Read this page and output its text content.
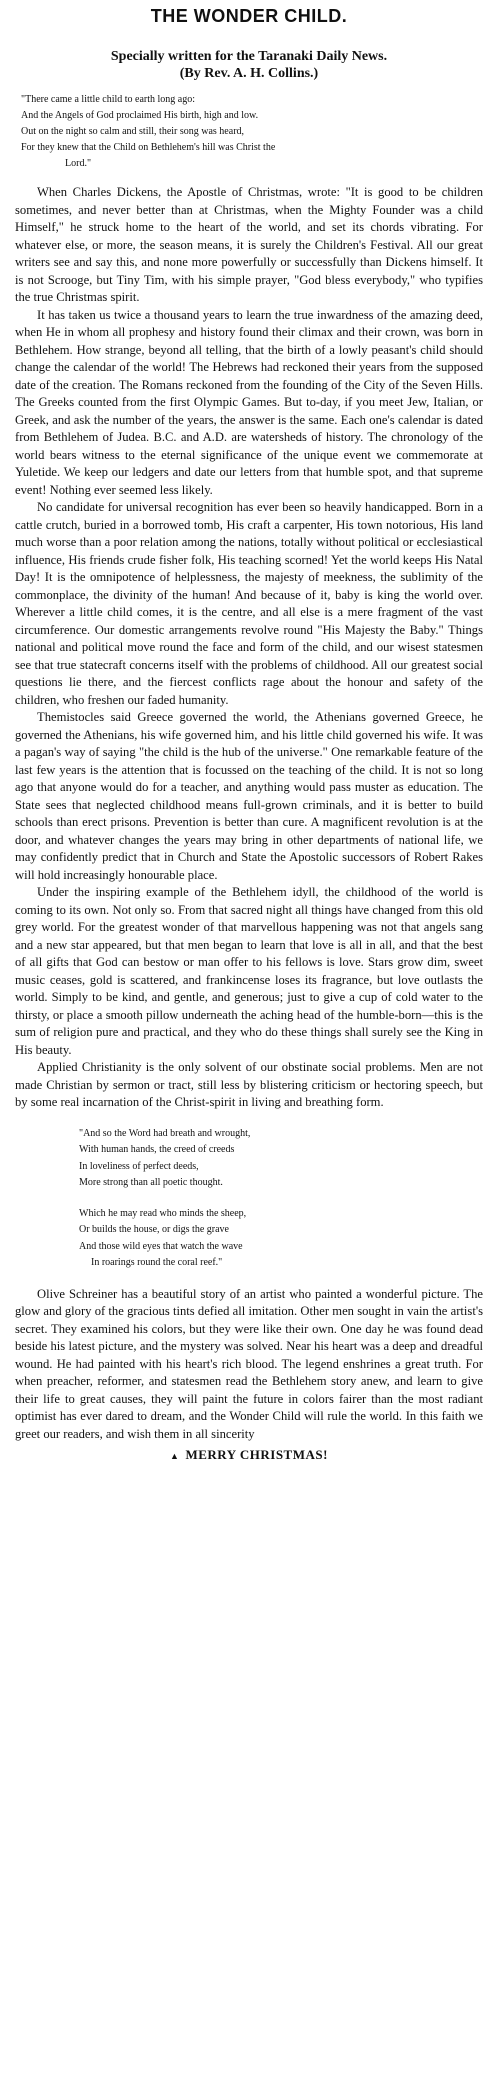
THE WONDER CHILD.

Specially written for the Taranaki Daily News.

(By Rev. A. H. Collins.)

"There came a little child to earth long ago:
And the Angels of God proclaimed His birth, high and low.
Out on the night so calm and still, their song was heard,
For they knew that the Child on Bethlehem's hill was Christ the
Lord."

When Charles Dickens, the Apostle of Christmas, wrote: "It is good to be children sometimes, and never better than at Christmas, when the Mighty Founder was a child Himself," he struck home to the heart of the world, and set its chords vibrating. For whatever else, or more, the season means, it is surely the Children's Festival. All our great writers see and say this, and none more powerfully or successfully than Dickens himself. It is not Scrooge, but Tiny Tim, with his simple prayer, "God bless everybody," who typifies the true Christmas spirit.

It has taken us twice a thousand years to learn the true inwardness of the amazing deed, when He in whom all prophesy and history found their climax and their crown, was born in Bethlehem. How strange, beyond all telling, that the birth of a lowly peasant's child should change the calendar of the world! The Hebrews had reckoned their years from the supposed date of the creation. The Romans reckoned from the founding of the City of the Seven Hills. The Greeks counted from the first Olympic Games. But to-day, if you meet Jew, Italian, or Greek, and ask the number of the years, the answer is the same. Each one's calendar is dated from Bethlehem of Judea. B.C. and A.D. are watersheds of history. The chronology of the world bears witness to the eternal significance of the unique event we commemorate at Yuletide. We keep our ledgers and date our letters from that humble spot, and that supreme event! Nothing ever seemed less likely.

No candidate for universal recognition has ever been so heavily handicapped. Born in a cattle crutch, buried in a borrowed tomb, His craft a carpenter, His town notorious, His land much worse than a poor relation among the nations, totally without political or ecclesiastical influence, His friends crude fisher folk, His teaching scorned! Yet the world keeps His Natal Day! It is the omnipotence of helplessness, the majesty of meekness, the sublimity of the commonplace, the divinity of the human! And because of it, baby is king the world over. Wherever a little child comes, it is the centre, and all else is a mere fragment of the vast circumference. Our domestic arrangements revolve round "His Majesty the Baby." Things national and political move round the face and form of the child, and our wisest statesmen see that true statecraft concerns itself with the problems of childhood. All our greatest social questions lie there, and the fiercest conflicts rage about the honour and safety of the children, who freshen our faded humanity.

Themistocles said Greece governed the world, the Athenians governed Greece, he governed the Athenians, his wife governed him, and his little child governed his wife. It was a pagan's way of saying "the child is the hub of the universe." One remarkable feature of the last few years is the attention that is focussed on the teaching of the child. It is not so long ago that anyone would do for a teacher, and anything would pass muster as education. The State sees that neglected childhood means full-grown criminals, and it is better to build schools than erect prisons. Prevention is better than cure. A magnificent revolution is at the door, and whatever changes the years may bring in other departments of national life, we may confidently predict that in Church and State the Apostolic successors of Robert Rakes will hold increasingly honourable place.

Under the inspiring example of the Bethlehem idyll, the childhood of the world is coming to its own. Not only so. From that sacred night all things have changed from this old grey world. For the greatest wonder of that marvellous happening was not that angels sang and a new star appeared, but that men began to learn that love is all in all, and that the best of all gifts that God can bestow or man offer to his fellows is love. Stars grow dim, sweet music ceases, gold is scattered, and frankincense loses its fragrance, but love outlasts the world. Simply to be kind, and gentle, and generous; just to give a cup of cold water to the thirsty, or place a smooth pillow underneath the aching head of the humble-born—this is the sum of religion pure and practical, and they who do these things shall surely see the King in His beauty.

Applied Christianity is the only solvent of our obstinate social problems. Men are not made Christian by sermon or tract, still less by blistering criticism or hectoring speech, but by some real incarnation of the Christ-spirit in living and breathing form.

"And so the Word had breath and wrought,
With human hands, the creed of creeds
In loveliness of perfect deeds,
More strong than all poetic thought.
Which he may read who minds the sheep,
Or builds the house, or digs the grave
And those wild eyes that watch the wave
In roarings round the coral reef."

Olive Schreiner has a beautiful story of an artist who painted a wonderful picture. The glow and glory of the gracious tints defied all imitation. Other men sought in vain the artist's secret. They examined his colors, but they were like their own. One day he was found dead beside his latest picture, and the mystery was solved. Near his heart was a deep and dreadful wound. He had painted with his heart's rich blood. The legend enshrines a great truth. For when preacher, reformer, and statesmen read the Bethlehem story anew, and learn to give their life to great causes, they will paint the future in colors fairer than the most radiant optimist has ever dared to dream, and the Wonder Child will rule the world. In this faith we greet our readers, and wish them in all sincerity

▲ MERRY CHRISTMAS!
